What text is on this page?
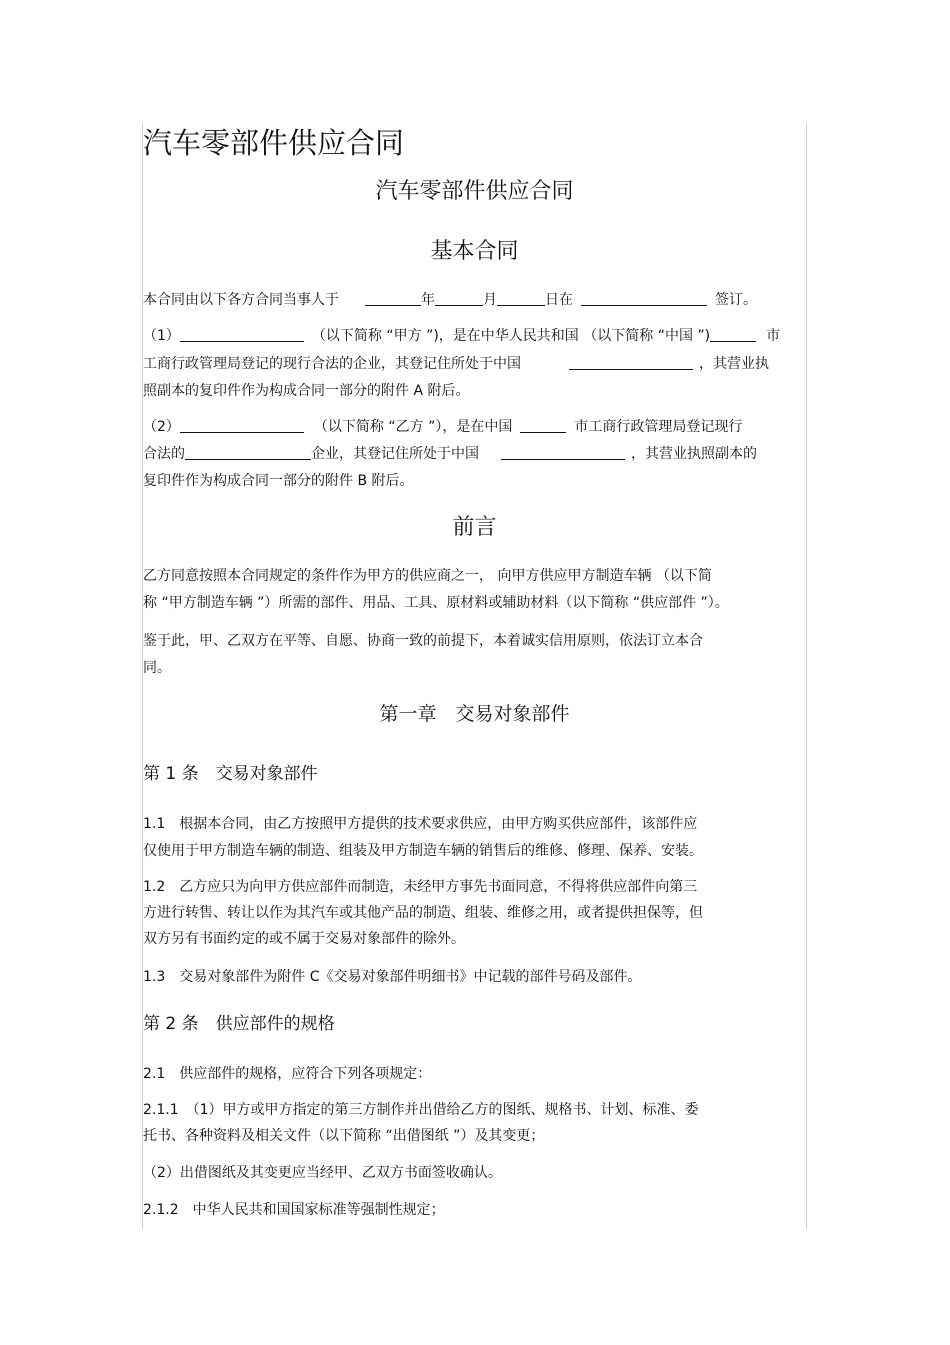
汽车零部件供应合同
汽车零部件供应合同
基本合同
本合同由以下各方合同当事人于	年	月	日在	签订。
（1）	（以下简称 “甲方 ”)，是在中华人民共和国 （以下简称 “中国 ”)	市
工商行政管理局登记的现行合法的企业，其登记住所处于中国	，其营业执
照副本的复印件作为构成合同一部分的附件 A 附后。
（2）	（以下简称 “乙方 ”），是在中国	市工商行政管理局登记现行
合法的	企业，其登记住所处于中国	，其营业执照副本的
复印件作为构成合同一部分的附件 B 附后。
前言
乙方同意按照本合同规定的条件作为甲方的供应商之一， 向甲方供应甲方制造车辆 （以下简
称 “甲方制造车辆 ”）所需的部件、用品、工具、原材料或辅助材料（以下简称 “供应部件 ”）。
鉴于此，甲、乙双方在平等、自愿、协商一致的前提下，本着诚实信用原则，依法订立本合
同。
第一章　交易对象部件
第 1 条　交易对象部件
1.1　根据本合同，由乙方按照甲方提供的技术要求供应，由甲方购买供应部件，该部件应
仅使用于甲方制造车辆的制造、组装及甲方制造车辆的销售后的维修、修理、保养、安装。
1.2　乙方应只为向甲方供应部件而制造，未经甲方事先书面同意，不得将供应部件向第三
方进行转售、转让以作为其汽车或其他产品的制造、组装、维修之用，或者提供担保等，但
双方另有书面约定的或不属于交易对象部件的除外。
1.3　交易对象部件为附件 C《交易对象部件明细书》中记载的部件号码及部件。
第 2 条　供应部件的规格
2.1　供应部件的规格，应符合下列各项规定：
2.1.1　（1）甲方或甲方指定的第三方制作并出借给乙方的图纸、规格书、计划、标准、委
托书、各种资料及相关文件（以下简称 “出借图纸 ”）及其变更；
（2）出借图纸及其变更应当经甲、乙双方书面签收确认。
2.1.2　中华人民共和国国家标准等强制性规定；
